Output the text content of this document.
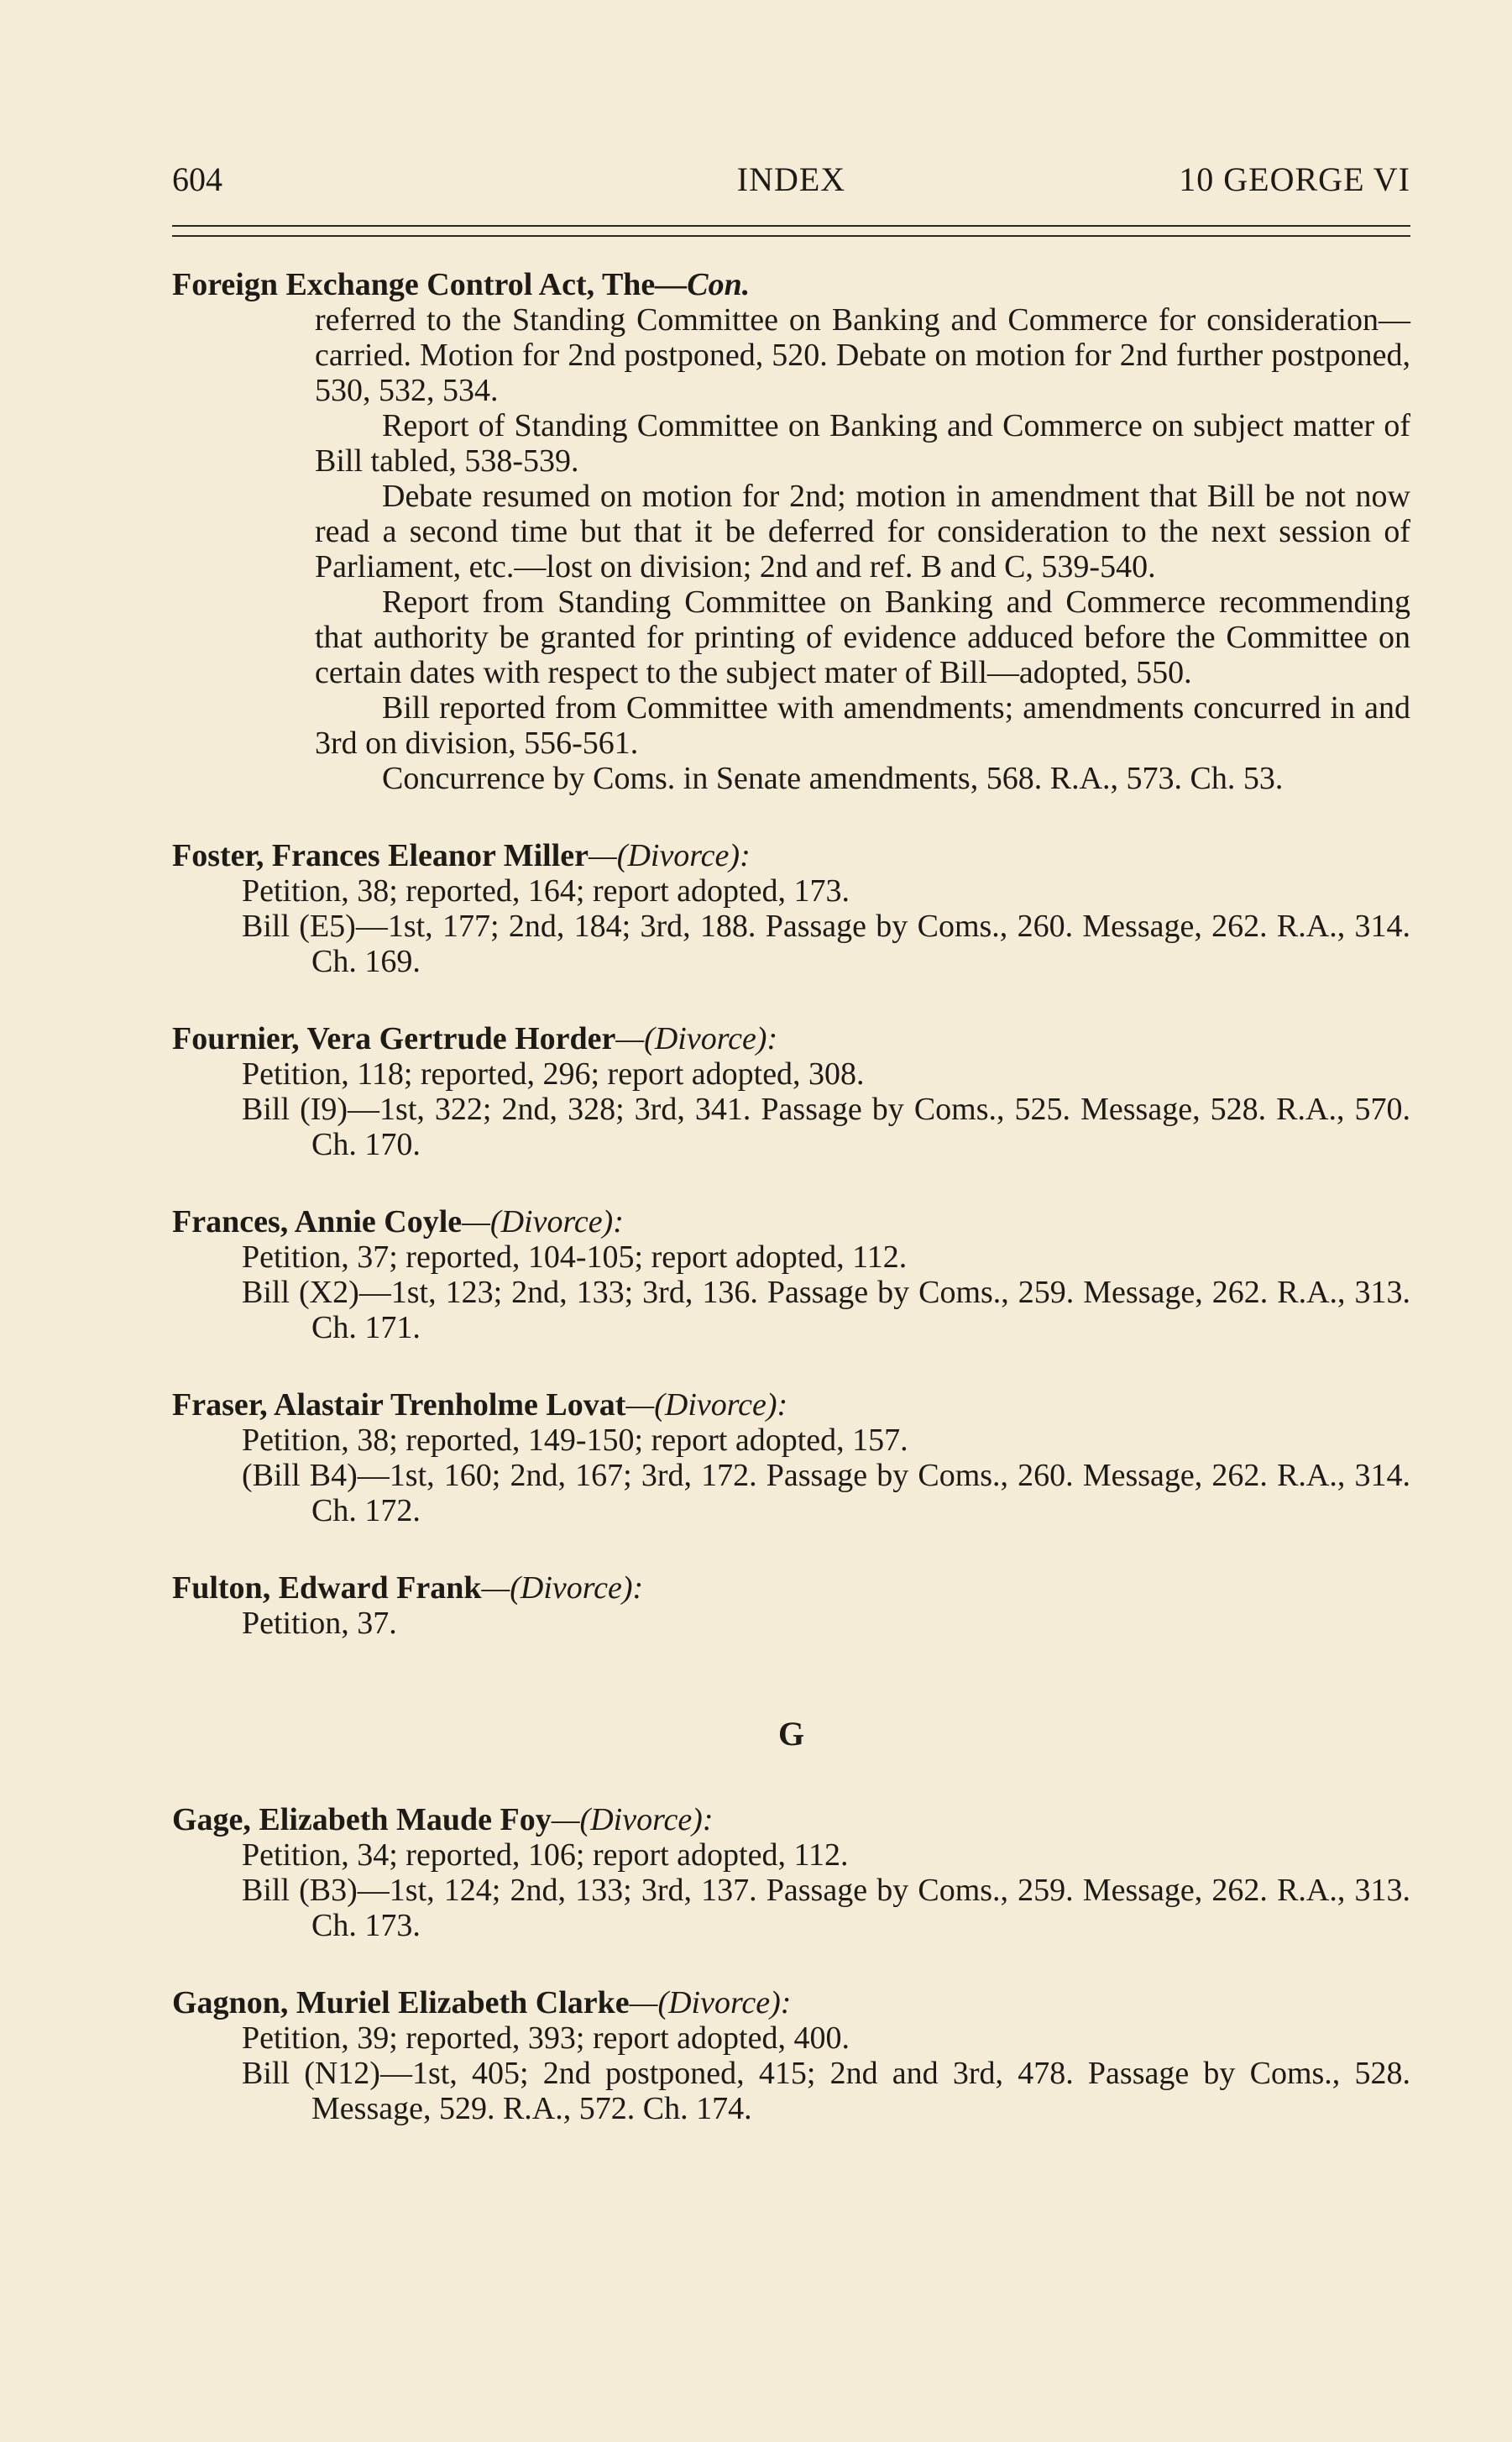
604	INDEX	10 GEORGE VI
Foreign Exchange Control Act, The—Con.
referred to the Standing Committee on Banking and Commerce for consideration—carried. Motion for 2nd postponed, 520. Debate on motion for 2nd further postponed, 530, 532, 534.
Report of Standing Committee on Banking and Commerce on subject matter of Bill tabled, 538-539.
Debate resumed on motion for 2nd; motion in amendment that Bill be not now read a second time but that it be deferred for consideration to the next session of Parliament, etc.—lost on division; 2nd and ref. B and C, 539-540.
Report from Standing Committee on Banking and Commerce recommending that authority be granted for printing of evidence adduced before the Committee on certain dates with respect to the subject mater of Bill—adopted, 550.
Bill reported from Committee with amendments; amendments concurred in and 3rd on division, 556-561.
Concurrence by Coms. in Senate amendments, 568. R.A., 573. Ch. 53.
Foster, Frances Eleanor Miller—(Divorce):
Petition, 38; reported, 164; report adopted, 173.
Bill (E5)—1st, 177; 2nd, 184; 3rd, 188. Passage by Coms., 260. Message, 262. R.A., 314. Ch. 169.
Fournier, Vera Gertrude Horder—(Divorce):
Petition, 118; reported, 296; report adopted, 308.
Bill (I9)—1st, 322; 2nd, 328; 3rd, 341. Passage by Coms., 525. Message, 528. R.A., 570. Ch. 170.
Frances, Annie Coyle—(Divorce):
Petition, 37; reported, 104-105; report adopted, 112.
Bill (X2)—1st, 123; 2nd, 133; 3rd, 136. Passage by Coms., 259. Message, 262. R.A., 313. Ch. 171.
Fraser, Alastair Trenholme Lovat—(Divorce):
Petition, 38; reported, 149-150; report adopted, 157.
(Bill B4)—1st, 160; 2nd, 167; 3rd, 172. Passage by Coms., 260. Message, 262. R.A., 314. Ch. 172.
Fulton, Edward Frank—(Divorce):
Petition, 37.
G
Gage, Elizabeth Maude Foy—(Divorce):
Petition, 34; reported, 106; report adopted, 112.
Bill (B3)—1st, 124; 2nd, 133; 3rd, 137. Passage by Coms., 259. Message, 262. R.A., 313. Ch. 173.
Gagnon, Muriel Elizabeth Clarke—(Divorce):
Petition, 39; reported, 393; report adopted, 400.
Bill (N12)—1st, 405; 2nd postponed, 415; 2nd and 3rd, 478. Passage by Coms., 528. Message, 529. R.A., 572. Ch. 174.
